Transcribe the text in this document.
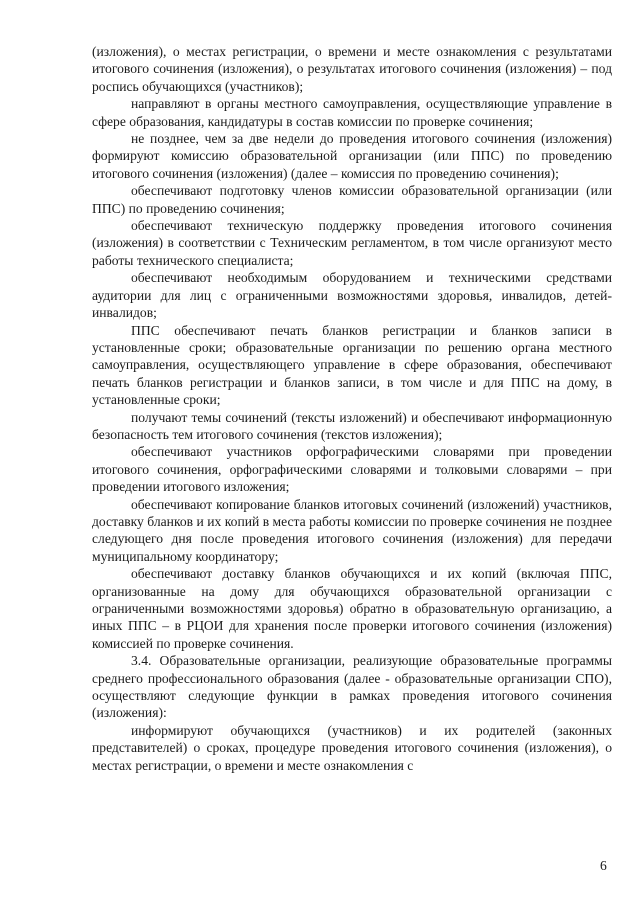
(изложения), о местах регистрации, о времени и месте ознакомления с результатами итогового сочинения (изложения), о результатах итогового сочинения (изложения) – под роспись обучающихся (участников);

направляют в органы местного самоуправления, осуществляющие управление в сфере образования, кандидатуры в состав комиссии по проверке сочинения;

не позднее, чем за две недели до проведения итогового сочинения (изложения) формируют комиссию образовательной организации (или ППС) по проведению итогового сочинения (изложения) (далее – комиссия по проведению сочинения);

обеспечивают подготовку членов комиссии образовательной организации (или ППС) по проведению сочинения;

обеспечивают техническую поддержку проведения итогового сочинения (изложения) в соответствии с Техническим регламентом, в том числе организуют место работы технического специалиста;

обеспечивают необходимым оборудованием и техническими средствами аудитории для лиц с ограниченными возможностями здоровья, инвалидов, детей-инвалидов;

ППС обеспечивают печать бланков регистрации и бланков записи в установленные сроки; образовательные организации по решению органа местного самоуправления, осуществляющего управление в сфере образования, обеспечивают печать бланков регистрации и бланков записи, в том числе и для ППС на дому, в установленные сроки;

получают темы сочинений (тексты изложений) и обеспечивают информационную безопасность тем итогового сочинения (текстов изложения);

обеспечивают участников орфографическими словарями при проведении итогового сочинения, орфографическими словарями и толковыми словарями – при проведении итогового изложения;

обеспечивают копирование бланков итоговых сочинений (изложений) участников, доставку бланков и их копий в места работы комиссии по проверке сочинения не позднее следующего дня после проведения итогового сочинения (изложения) для передачи муниципальному координатору;

обеспечивают доставку бланков обучающихся и их копий (включая ППС, организованные на дому для обучающихся образовательной организации с ограниченными возможностями здоровья) обратно в образовательную организацию, а иных ППС – в РЦОИ для хранения после проверки итогового сочинения (изложения) комиссией по проверке сочинения.

3.4. Образовательные организации, реализующие образовательные программы среднего профессионального образования (далее - образовательные организации СПО), осуществляют следующие функции в рамках проведения итогового сочинения (изложения):

информируют обучающихся (участников) и их родителей (законных представителей) о сроках, процедуре проведения итогового сочинения (изложения), о местах регистрации, о времени и месте ознакомления с

6
